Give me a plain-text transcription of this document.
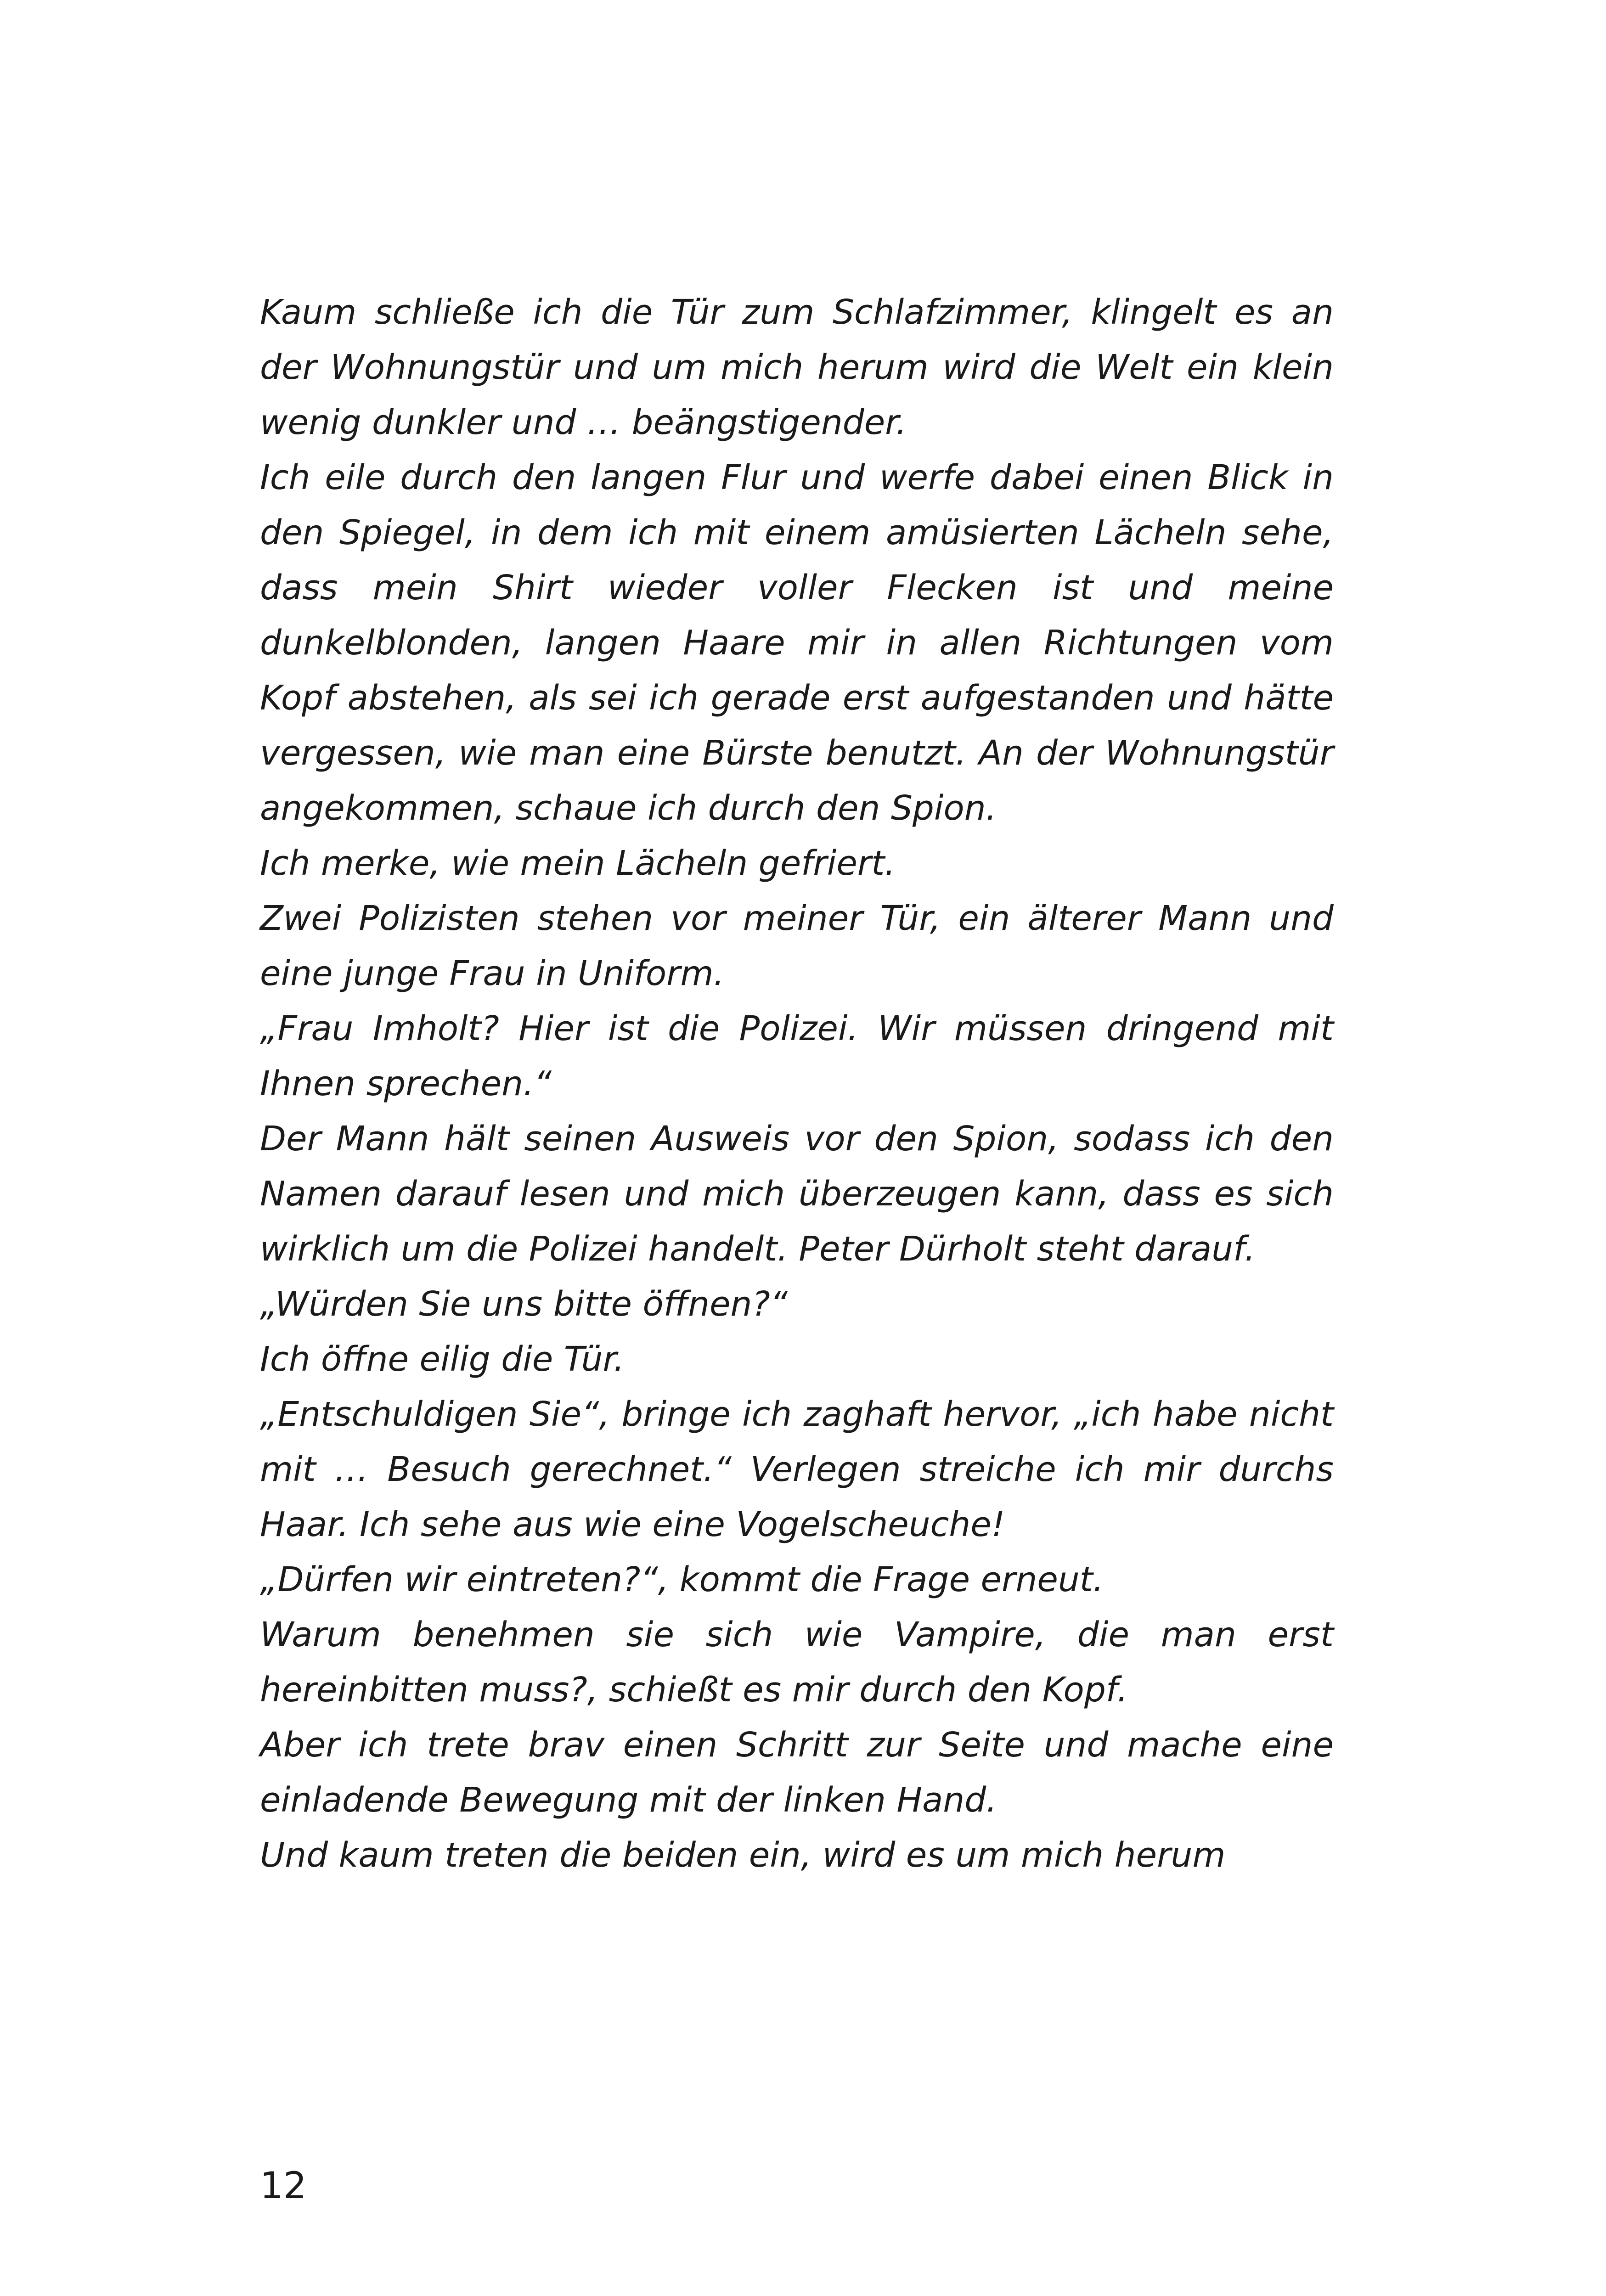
Kaum schließe ich die Tür zum Schlafzimmer, klingelt es an der Wohnungstür und um mich herum wird die Welt ein klein wenig dunkler und … beängstigender.

Ich eile durch den langen Flur und werfe dabei einen Blick in den Spiegel, in dem ich mit einem amüsierten Lächeln sehe, dass mein Shirt wieder voller Flecken ist und meine dunkelblonden, langen Haare mir in allen Richtungen vom Kopf abstehen, als sei ich gerade erst aufgestanden und hätte vergessen, wie man eine Bürste benutzt. An der Wohnungstür angekommen, schaue ich durch den Spion.

Ich merke, wie mein Lächeln gefriert.

Zwei Polizisten stehen vor meiner Tür, ein älterer Mann und eine junge Frau in Uniform.

„Frau Imholt? Hier ist die Polizei. Wir müssen dringend mit Ihnen sprechen.“

Der Mann hält seinen Ausweis vor den Spion, sodass ich den Namen darauf lesen und mich überzeugen kann, dass es sich wirklich um die Polizei handelt. Peter Dürholt steht darauf.

„Würden Sie uns bitte öffnen?“

Ich öffne eilig die Tür.

„Entschuldigen Sie“, bringe ich zaghaft hervor, „ich habe nicht mit … Besuch gerechnet.“ Verlegen streiche ich mir durchs Haar. Ich sehe aus wie eine Vogelscheuche!

„Dürfen wir eintreten?“, kommt die Frage erneut.

Warum benehmen sie sich wie Vampire, die man erst hereinbitten muss?, schießt es mir durch den Kopf.

Aber ich trete brav einen Schritt zur Seite und mache eine einladende Bewegung mit der linken Hand.

Und kaum treten die beiden ein, wird es um mich herum

12
